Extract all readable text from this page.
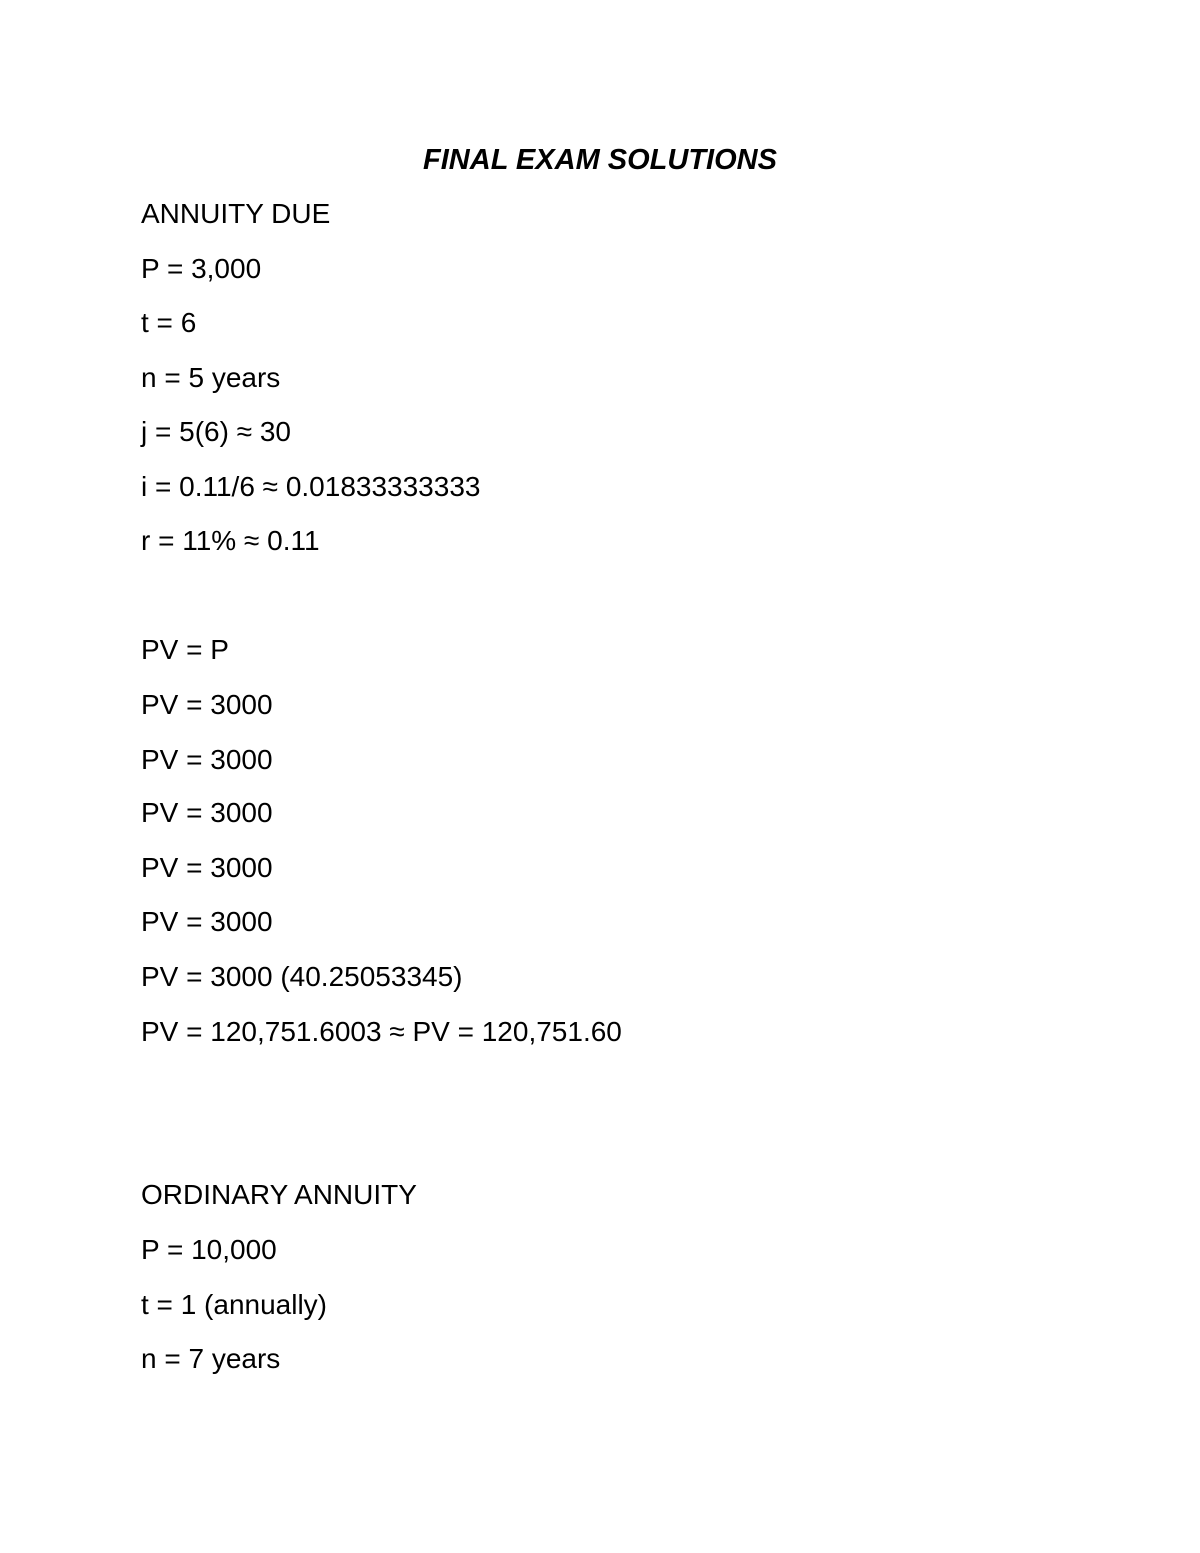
FINAL EXAM SOLUTIONS
ANNUITY DUE
P = 3,000
t = 6
n = 5 years
j = 5(6) ≈ 30
i = 0.11/6 ≈ 0.01833333333
r = 11% ≈ 0.11
PV = P
PV = 3000
PV = 3000
PV = 3000
PV = 3000
PV = 3000
PV = 3000 (40.25053345)
PV = 120,751.6003 ≈ PV = 120,751.60
ORDINARY ANNUITY
P = 10,000
t = 1 (annually)
n = 7 years
